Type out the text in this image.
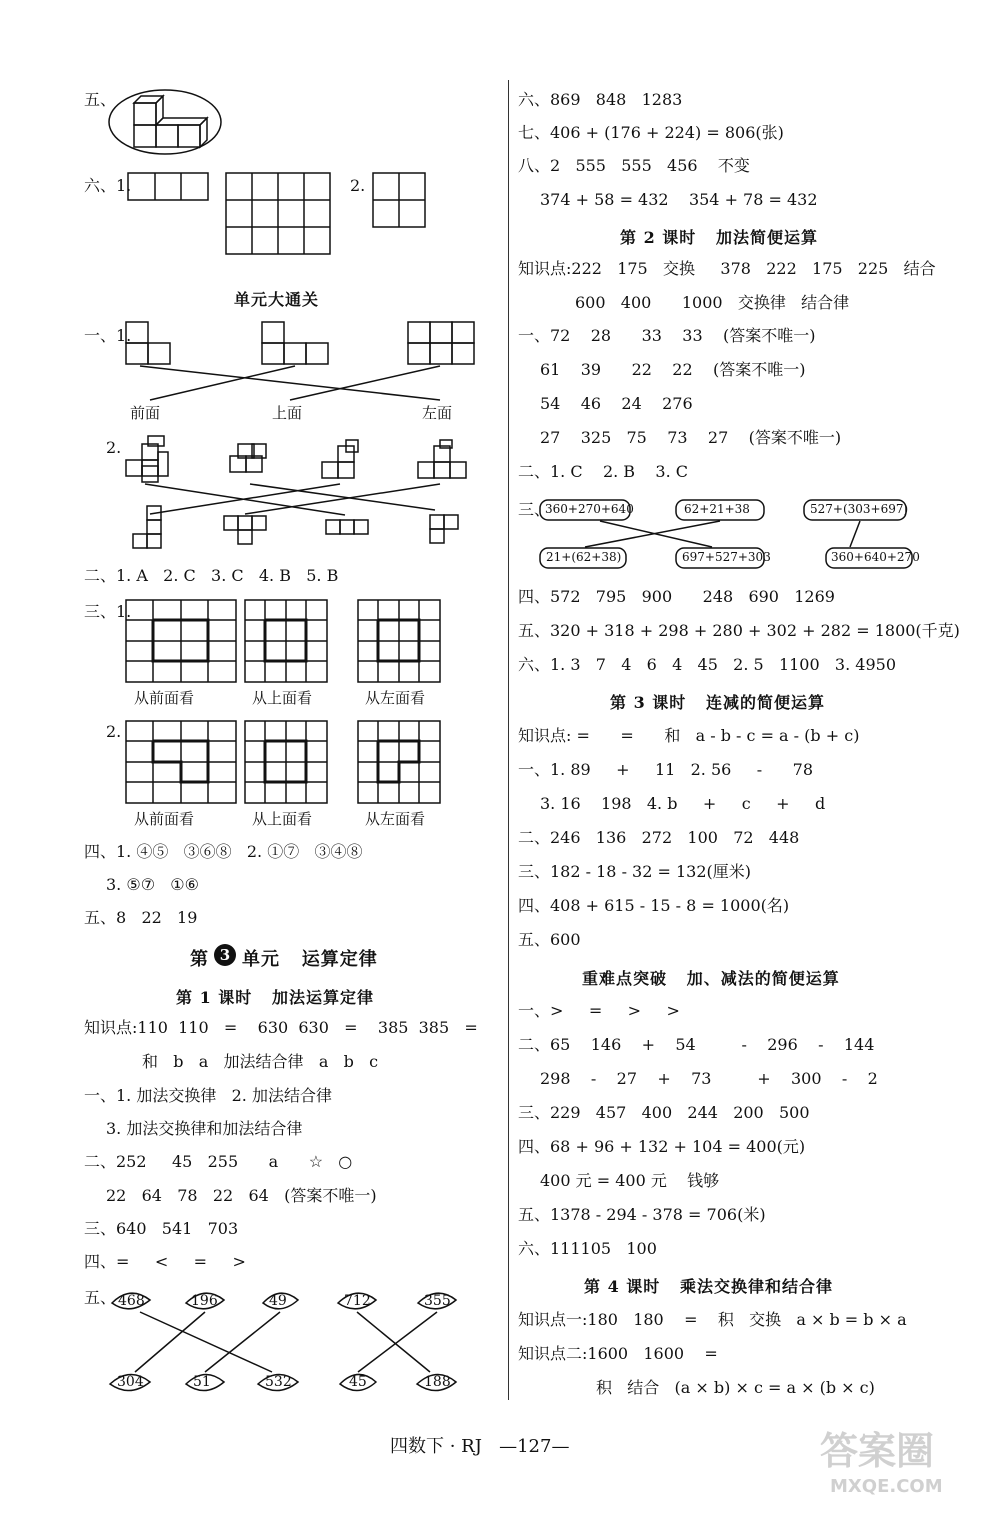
五、
六、1.	2.
单元大通关
一、1.
前面	上面	左面
2.
二、1. A   2. C   3. C   4. B   5. B
三、1.
从前面看	从上面看	从左面看
2.
从前面看	从上面看	从左面看
四、1. ④⑤   ③⑥⑧   2. ①⑦   ③④⑧
3. ⑤⑦   ①⑥
五、8   22   19
第 3 单元   运算定律
第 1 课时   加法运算定律
知识点:110  110   =    630  630   =    385  385   =
和   b   a   加法结合律   a   b   c
一、1. 加法交换律   2. 加法结合律
3. 加法交换律和加法结合律
二、252     45   255      a      ☆   ○
22   64   78   22   64   (答案不唯一)
三、640   541   703
四、=     <     =     >
五、 468	196	49	712	355
304	51	532	45	188
六、869   848   1283
七、406 + (176 + 224) = 806(张)
八、2   555   555   456    不变
374 + 58 = 432    354 + 78 = 432
第 2 课时   加法简便运算
知识点:222   175   交换     378   222   175   225   结合
600   400      1000   交换律   结合律
一、72    28      33    33    (答案不唯一)
61    39      22    22    (答案不唯一)
54    46    24    276
27    325   75    73    27    (答案不唯一)
二、1. C    2. B    3. C
三、
360+270+640	62+21+38	527+(303+697)
21+(62+38)	697+527+303	360+640+270
四、572   795   900      248   690   1269
五、320 + 318 + 298 + 280 + 302 + 282 = 1800(千克)
六、1. 3   7   4   6   4   45   2. 5   1100   3. 4950
第 3 课时   连减的简便运算
知识点: =      =      和   a - b - c = a - (b + c)
一、1. 89     +     11   2. 56     -      78
3. 16    198   4. b     +     c     +     d
二、246   136   272   100   72   448
三、182 - 18 - 32 = 132(厘米)
四、408 + 615 - 15 - 8 = 1000(名)
五、600
重难点突破   加、减法的简便运算
一、>     =     >     >
二、65    146    +    54         -    296    -    144
298    -    27    +    73         +    300    -    2
三、229   457   400   244   200   500
四、68 + 96 + 132 + 104 = 400(元)
400 元 = 400 元    钱够
五、1378 - 294 - 378 = 706(米)
六、111105   100
第 4 课时   乘法交换律和结合律
知识点一:180   180    =    积   交换   a × b = b × a
知识点二:1600   1600    =
积   结合   (a × b) × c = a × (b × c)
四数下 · RJ   —127—	答案圈
MXQE.COM
